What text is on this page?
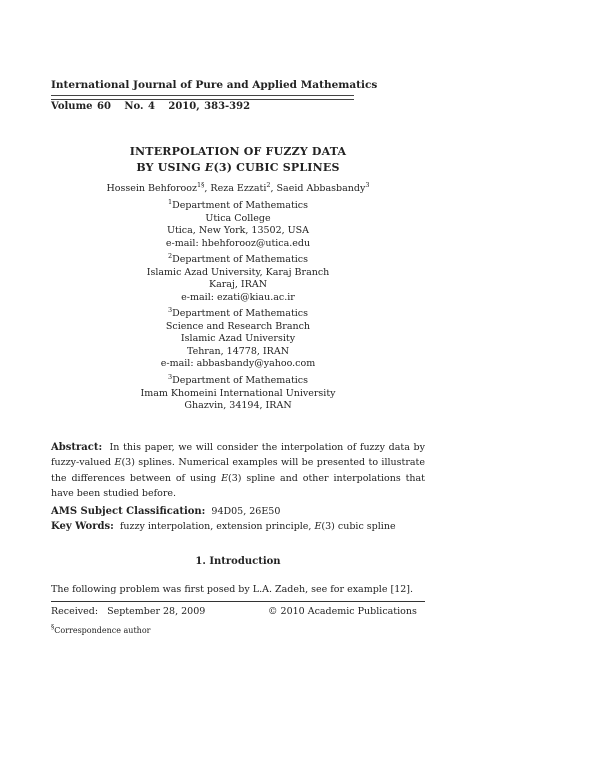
International Journal of Pure and Applied Mathematics
Volume 60   No. 4   2010, 383-392
INTERPOLATION OF FUZZY DATA
BY USING E(3) CUBIC SPLINES
Hossein Behforooz$^{1\S}$, Reza Ezzati$^2$, Saeid Abbasbandy$^3$
$^1$Department of Mathematics
Utica College
Utica, New York, 13502, USA
e-mail: hbehforooz@utica.edu
$^2$Department of Mathematics
Islamic Azad University, Karaj Branch
Karaj, IRAN
e-mail: ezati@kiau.ac.ir
$^3$Department of Mathematics
Science and Research Branch
Islamic Azad University
Tehran, 14778, IRAN
e-mail: abbasbandy@yahoo.com
$^3$Department of Mathematics
Imam Khomeini International University
Ghazvin, 34194, IRAN
Abstract:  In this paper, we will consider the interpolation of fuzzy data by fuzzy-valued E(3) splines. Numerical examples will be presented to illustrate the differences between of using E(3) spline and other interpolations that have been studied before.
AMS Subject Classification:  94D05, 26E50
Key Words:  fuzzy interpolation, extension principle, E(3) cubic spline
1. Introduction
The following problem was first posed by L.A. Zadeh, see for example [12].
Received:   September 28, 2009	© 2010 Academic Publications
§Correspondence author
